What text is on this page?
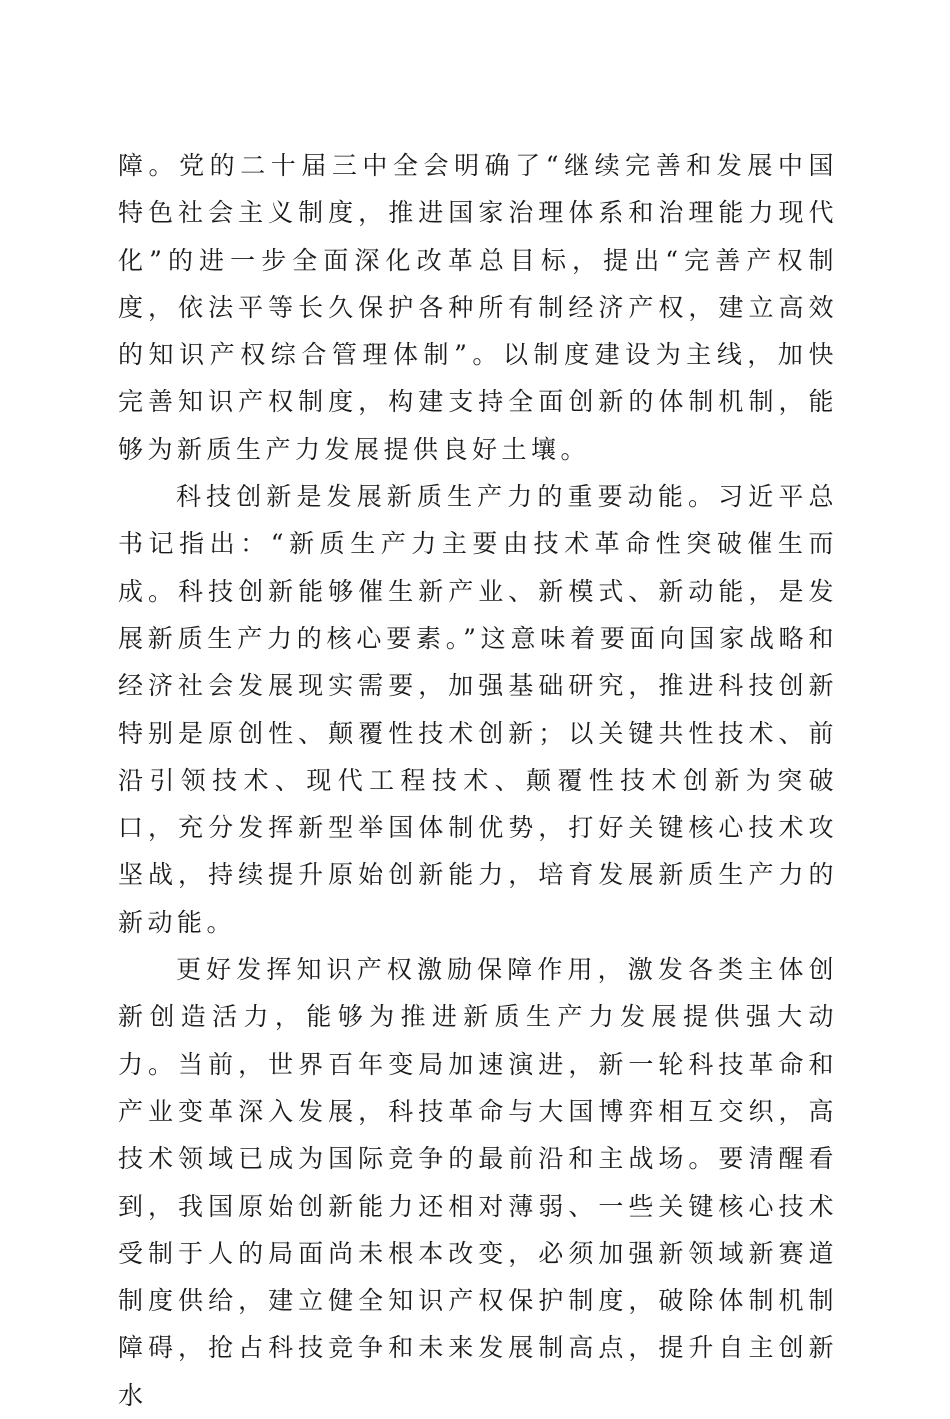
障。党的二十届三中全会明确了“继续完善和发展中国特色社会主义制度，推进国家治理体系和治理能力现代化”的进一步全面深化改革总目标，提出“完善产权制度，依法平等长久保护各种所有制经济产权，建立高效的知识产权综合管理体制”。以制度建设为主线，加快完善知识产权制度，构建支持全面创新的体制机制，能够为新质生产力发展提供良好土壤。

科技创新是发展新质生产力的重要动能。习近平总书记指出：“新质生产力主要由技术革命性突破催生而成。科技创新能够催生新产业、新模式、新动能，是发展新质生产力的核心要素。”这意味着要面向国家战略和经济社会发展现实需要，加强基础研究，推进科技创新特别是原创性、颠覆性技术创新；以关键共性技术、前沿引领技术、现代工程技术、颠覆性技术创新为突破口，充分发挥新型举国体制优势，打好关键核心技术攻坚战，持续提升原始创新能力，培育发展新质生产力的新动能。

更好发挥知识产权激励保障作用，激发各类主体创新创造活力，能够为推进新质生产力发展提供强大动力。当前，世界百年变局加速演进，新一轮科技革命和产业变革深入发展，科技革命与大国博弈相互交织，高技术领域已成为国际竞争的最前沿和主战场。要清醒看到，我国原始创新能力还相对薄弱、一些关键核心技术受制于人的局面尚未根本改变，必须加强新领域新赛道制度供给，建立健全知识产权保护制度，破除体制机制障碍，抢占科技竞争和未来发展制高点，提升自主创新水
